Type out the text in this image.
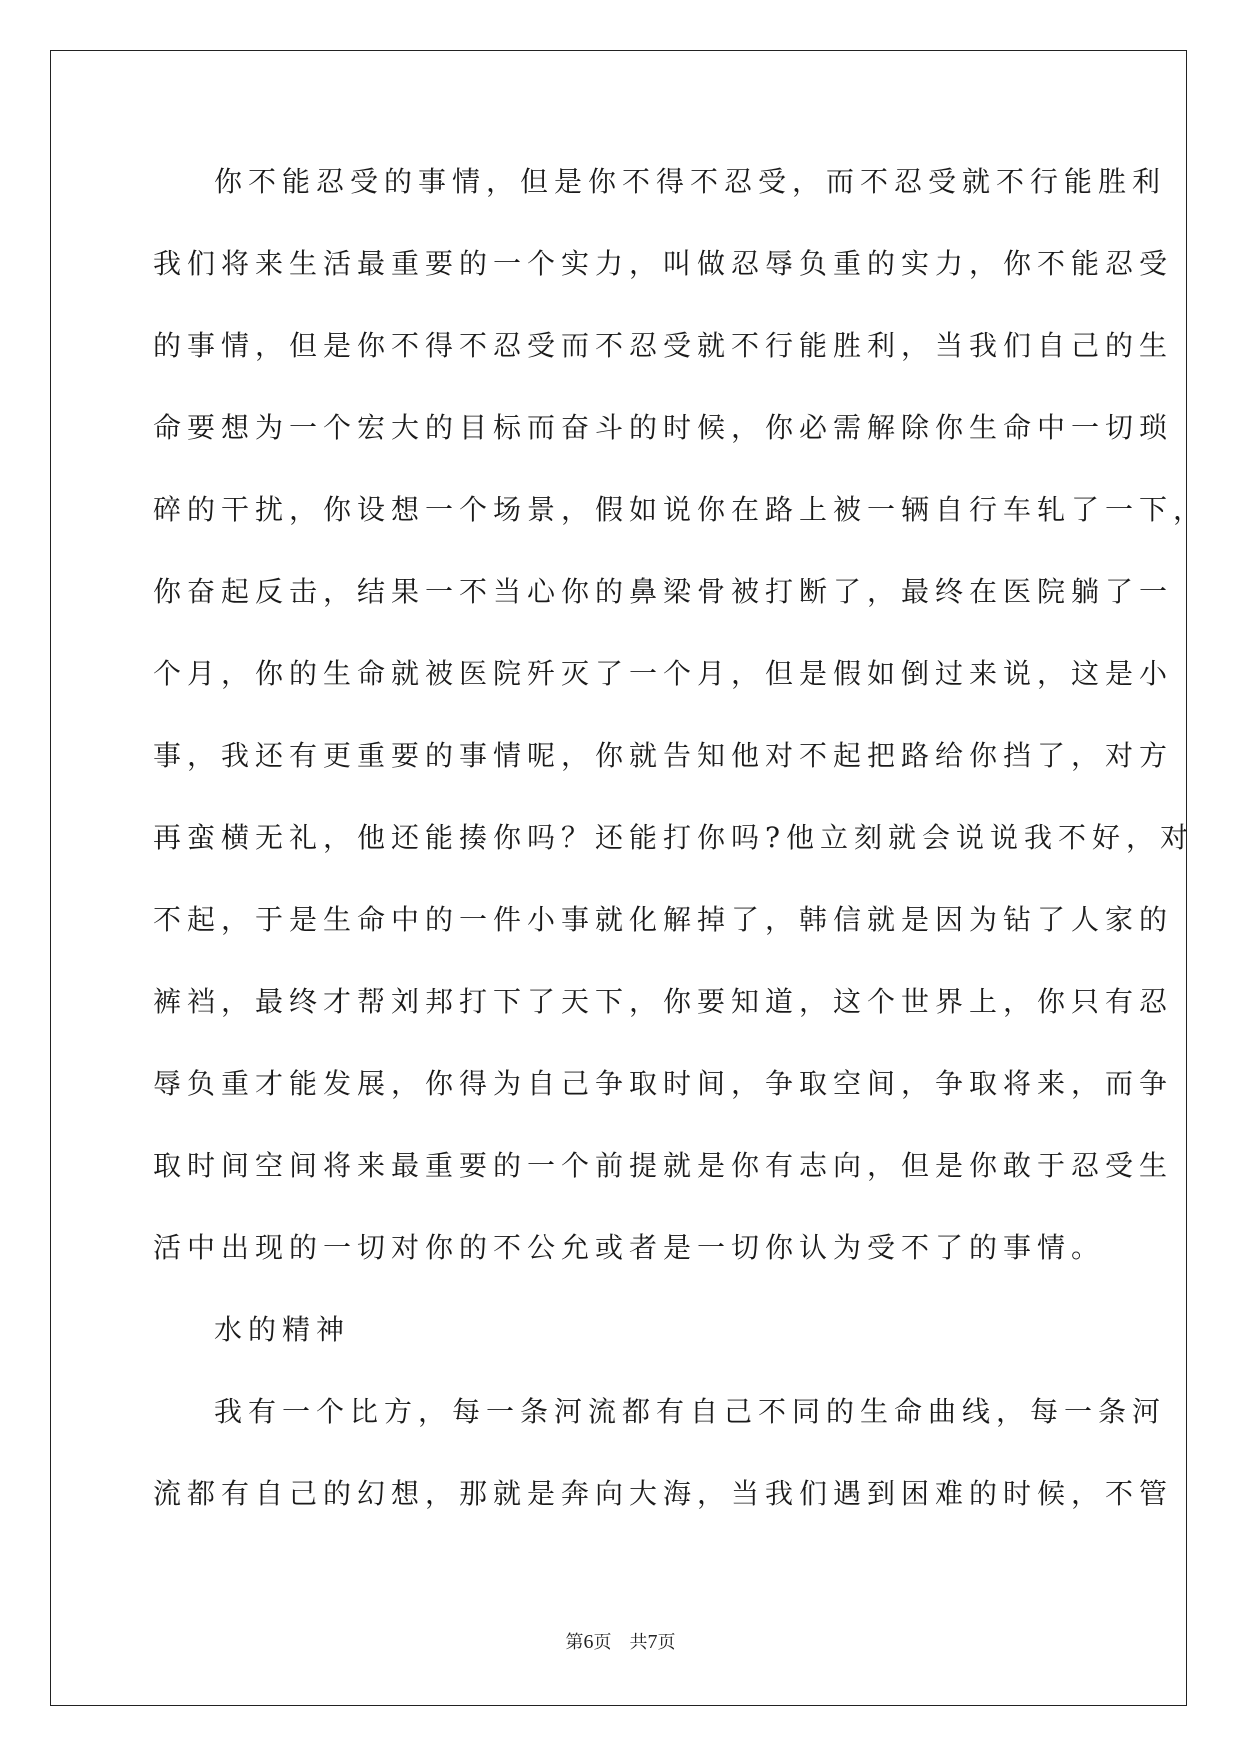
你不能忍受的事情，但是你不得不忍受，而不忍受就不行能胜利
我们将来生活最重要的一个实力，叫做忍辱负重的实力，你不能忍受
的事情，但是你不得不忍受而不忍受就不行能胜利，当我们自己的生
命要想为一个宏大的目标而奋斗的时候，你必需解除你生命中一切琐
碎的干扰，你设想一个场景，假如说你在路上被一辆自行车轧了一下，
你奋起反击，结果一不当心你的鼻梁骨被打断了，最终在医院躺了一
个月，你的生命就被医院歼灭了一个月，但是假如倒过来说，这是小
事，我还有更重要的事情呢，你就告知他对不起把路给你挡了，对方
再蛮横无礼，他还能揍你吗？还能打你吗?他立刻就会说说我不好，对
不起，于是生命中的一件小事就化解掉了，韩信就是因为钻了人家的
裤裆，最终才帮刘邦打下了天下，你要知道，这个世界上，你只有忍
辱负重才能发展，你得为自己争取时间，争取空间，争取将来，而争
取时间空间将来最重要的一个前提就是你有志向，但是你敢于忍受生
活中出现的一切对你的不公允或者是一切你认为受不了的事情。
水的精神
我有一个比方，每一条河流都有自己不同的生命曲线，每一条河
流都有自己的幻想，那就是奔向大海，当我们遇到困难的时候，不管
第6页 共7页
